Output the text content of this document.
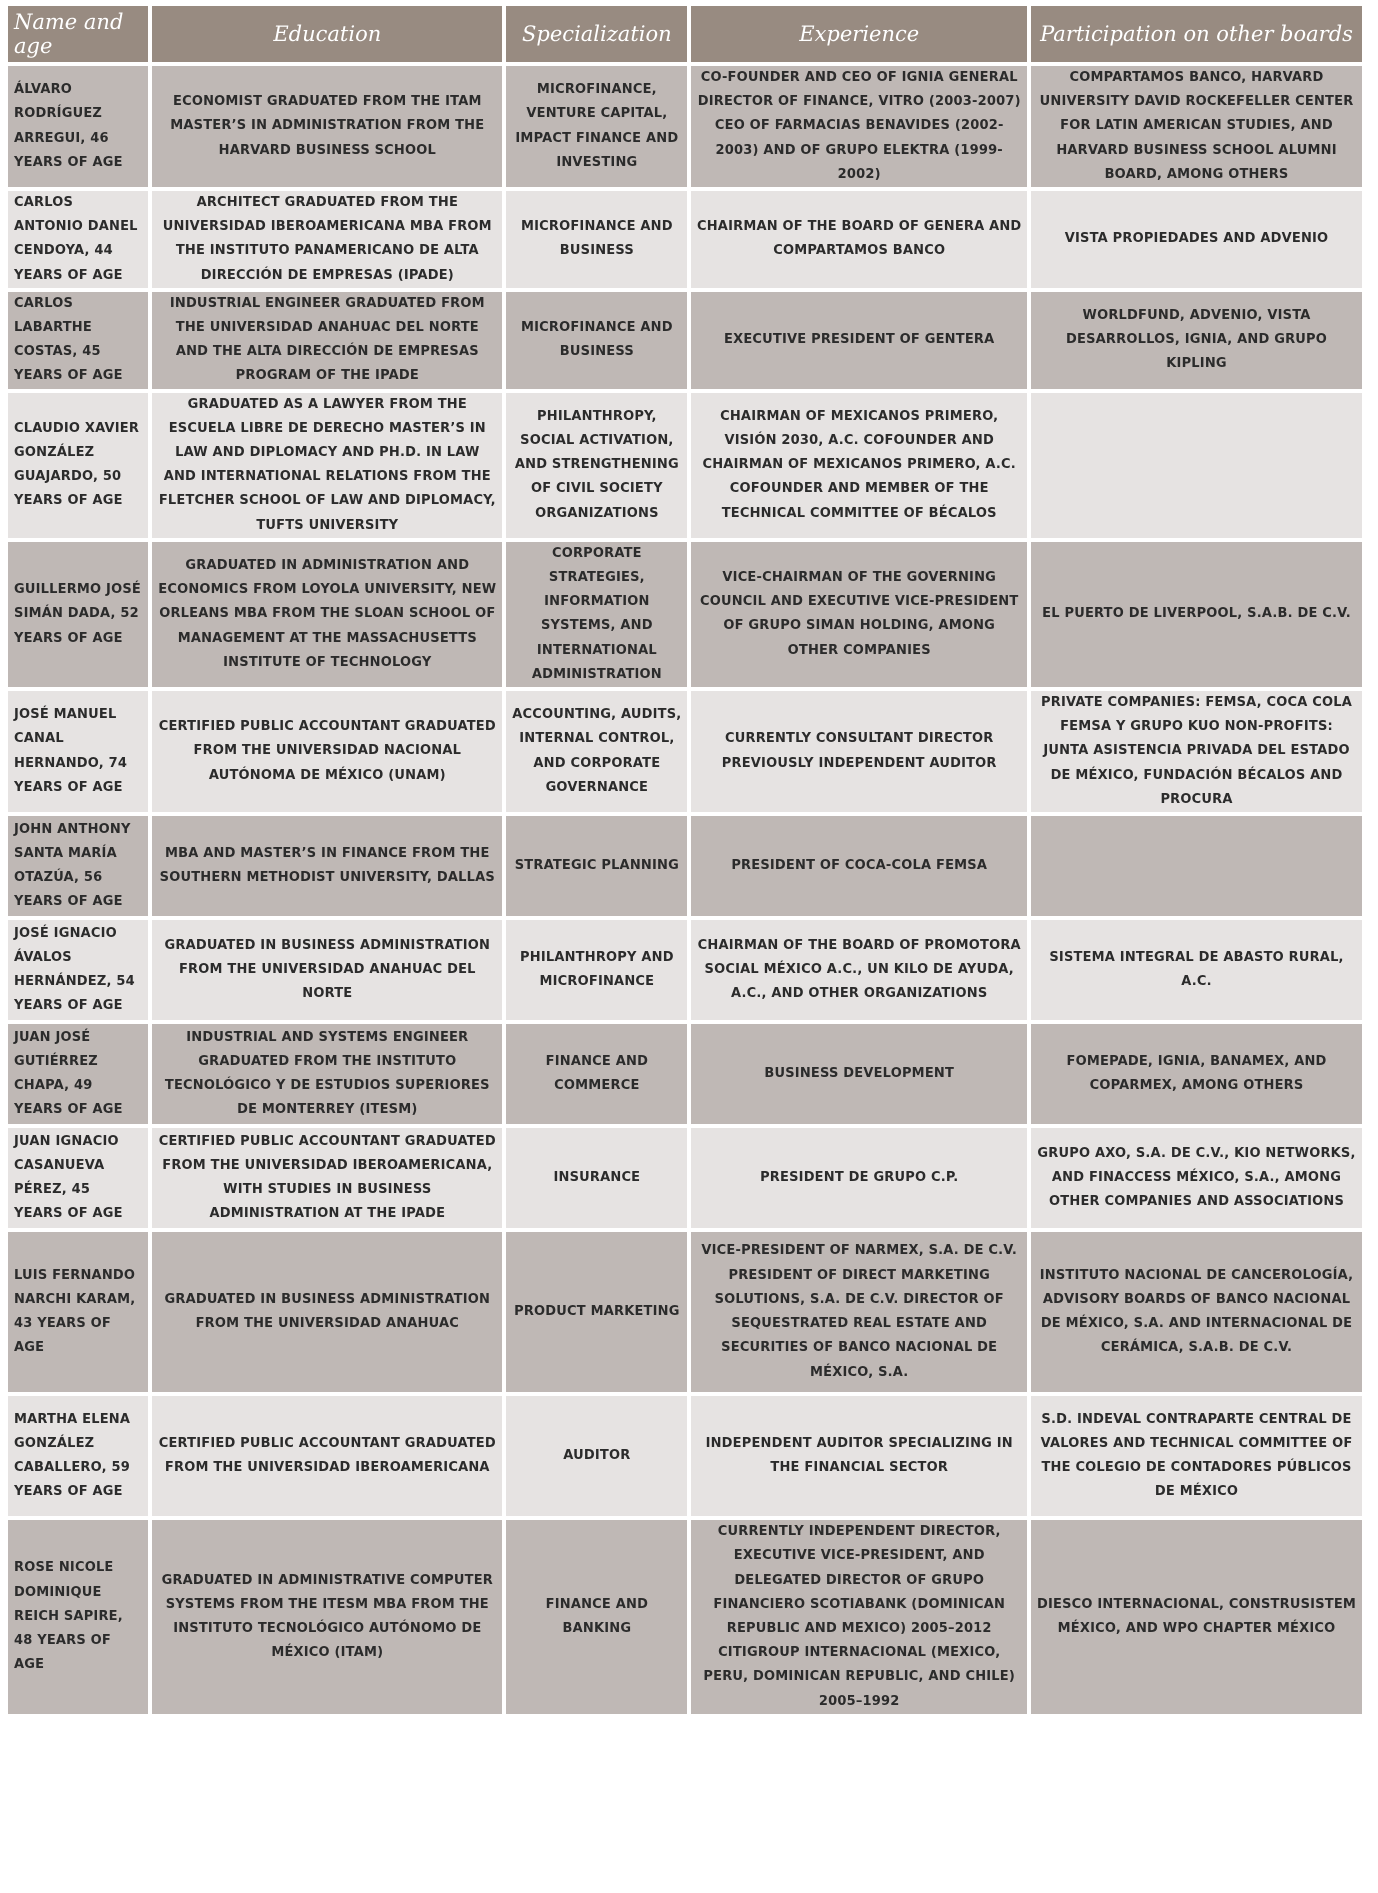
Name and age	Education	Specialization	Experience	Participation on other boards
ÁLVARO RODRÍGUEZ ARREGUI, 46 YEARS OF AGE	ECONOMIST GRADUATED FROM THE ITAM MASTER’S IN ADMINISTRATION FROM THE HARVARD BUSINESS SCHOOL	MICROFINANCE, VENTURE CAPITAL, IMPACT FINANCE AND INVESTING	CO-FOUNDER AND CEO OF IGNIA GENERAL DIRECTOR OF FINANCE, VITRO (2003-2007) CEO OF FARMACIAS BENAVIDES (2002-2003) AND OF GRUPO ELEKTRA (1999-2002)	COMPARTAMOS BANCO, HARVARD UNIVERSITY DAVID ROCKEFELLER CENTER FOR LATIN AMERICAN STUDIES, AND HARVARD BUSINESS SCHOOL ALUMNI BOARD, AMONG OTHERS
CARLOS ANTONIO DANEL CENDOYA, 44 YEARS OF AGE	ARCHITECT GRADUATED FROM THE UNIVERSIDAD IBEROAMERICANA MBA FROM THE INSTITUTO PANAMERICANO DE ALTA DIRECCIÓN DE EMPRESAS (IPADE)	MICROFINANCE AND BUSINESS	CHAIRMAN OF THE BOARD OF GENERA AND COMPARTAMOS BANCO	VISTA PROPIEDADES AND ADVENIO
CARLOS LABARTHE COSTAS, 45 YEARS OF AGE	INDUSTRIAL ENGINEER GRADUATED FROM THE UNIVERSIDAD ANAHUAC DEL NORTE AND THE ALTA DIRECCIÓN DE EMPRESAS PROGRAM OF THE IPADE	MICROFINANCE AND BUSINESS	EXECUTIVE PRESIDENT OF GENTERA	WORLDFUND, ADVENIO, VISTA DESARROLLOS, IGNIA, AND GRUPO KIPLING
CLAUDIO XAVIER GONZÁLEZ GUAJARDO, 50 YEARS OF AGE	GRADUATED AS A LAWYER FROM THE ESCUELA LIBRE DE DERECHO MASTER’S IN LAW AND DIPLOMACY AND PH.D. IN LAW AND INTERNATIONAL RELATIONS FROM THE FLETCHER SCHOOL OF LAW AND DIPLOMACY, TUFTS UNIVERSITY	PHILANTHROPY, SOCIAL ACTIVATION, AND STRENGTHENING OF CIVIL SOCIETY ORGANIZATIONS	CHAIRMAN OF MEXICANOS PRIMERO, VISIÓN 2030, A.C. COFOUNDER AND CHAIRMAN OF MEXICANOS PRIMERO, A.C. COFOUNDER AND MEMBER OF THE TECHNICAL COMMITTEE OF BÉCALOS	
GUILLERMO JOSÉ SIMÁN DADA, 52 YEARS OF AGE	GRADUATED IN ADMINISTRATION AND ECONOMICS FROM LOYOLA UNIVERSITY, NEW ORLEANS MBA FROM THE SLOAN SCHOOL OF MANAGEMENT AT THE MASSACHUSETTS INSTITUTE OF TECHNOLOGY	CORPORATE STRATEGIES, INFORMATION SYSTEMS, AND INTERNATIONAL ADMINISTRATION	VICE-CHAIRMAN OF THE GOVERNING COUNCIL AND EXECUTIVE VICE-PRESIDENT OF GRUPO SIMAN HOLDING, AMONG OTHER COMPANIES	EL PUERTO DE LIVERPOOL, S.A.B. DE C.V.
JOSÉ MANUEL CANAL HERNANDO, 74 YEARS OF AGE	CERTIFIED PUBLIC ACCOUNTANT GRADUATED FROM THE UNIVERSIDAD NACIONAL AUTÓNOMA DE MÉXICO (UNAM)	ACCOUNTING, AUDITS, INTERNAL CONTROL, AND CORPORATE GOVERNANCE	CURRENTLY CONSULTANT DIRECTOR PREVIOUSLY INDEPENDENT AUDITOR	PRIVATE COMPANIES: FEMSA, COCA COLA FEMSA Y GRUPO KUO NON-PROFITS: JUNTA ASISTENCIA PRIVADA DEL ESTADO DE MÉXICO, FUNDACIÓN BÉCALOS AND PROCURA
JOHN ANTHONY SANTA MARÍA OTAZÚA, 56 YEARS OF AGE	MBA AND MASTER’S IN FINANCE FROM THE SOUTHERN METHODIST UNIVERSITY, DALLAS	STRATEGIC PLANNING	PRESIDENT OF COCA-COLA FEMSA	
JOSÉ IGNACIO ÁVALOS HERNÁNDEZ, 54 YEARS OF AGE	GRADUATED IN BUSINESS ADMINISTRATION FROM THE UNIVERSIDAD ANAHUAC DEL NORTE	PHILANTHROPY AND MICROFINANCE	CHAIRMAN OF THE BOARD OF PROMOTORA SOCIAL MÉXICO A.C., UN KILO DE AYUDA, A.C., AND OTHER ORGANIZATIONS	SISTEMA INTEGRAL DE ABASTO RURAL, A.C.
JUAN JOSÉ GUTIÉRREZ CHAPA, 49 YEARS OF AGE	INDUSTRIAL AND SYSTEMS ENGINEER GRADUATED FROM THE INSTITUTO TECNOLÓGICO Y DE ESTUDIOS SUPERIORES DE MONTERREY (ITESM)	FINANCE AND COMMERCE	BUSINESS DEVELOPMENT	FOMEPADE, IGNIA, BANAMEX, AND COPARMEX, AMONG OTHERS
JUAN IGNACIO CASANUEVA PÉREZ, 45 YEARS OF AGE	CERTIFIED PUBLIC ACCOUNTANT GRADUATED FROM THE UNIVERSIDAD IBEROAMERICANA, WITH STUDIES IN BUSINESS ADMINISTRATION AT THE IPADE	INSURANCE	PRESIDENT DE GRUPO C.P.	GRUPO AXO, S.A. DE C.V., KIO NETWORKS, AND FINACCESS MÉXICO, S.A., AMONG OTHER COMPANIES AND ASSOCIATIONS
LUIS FERNANDO NARCHI KARAM, 43 YEARS OF AGE	GRADUATED IN BUSINESS ADMINISTRATION FROM THE UNIVERSIDAD ANAHUAC	PRODUCT MARKETING	VICE-PRESIDENT OF NARMEX, S.A. DE C.V. PRESIDENT OF DIRECT MARKETING SOLUTIONS, S.A. DE C.V. DIRECTOR OF SEQUESTRATED REAL ESTATE AND SECURITIES OF BANCO NACIONAL DE MÉXICO, S.A.	INSTITUTO NACIONAL DE CANCEROLOGÍA, ADVISORY BOARDS OF BANCO NACIONAL DE MÉXICO, S.A. AND INTERNACIONAL DE CERÁMICA, S.A.B. DE C.V.
MARTHA ELENA GONZÁLEZ CABALLERO, 59 YEARS OF AGE	CERTIFIED PUBLIC ACCOUNTANT GRADUATED FROM THE UNIVERSIDAD IBEROAMERICANA	AUDITOR	INDEPENDENT AUDITOR SPECIALIZING IN THE FINANCIAL SECTOR	S.D. INDEVAL CONTRAPARTE CENTRAL DE VALORES AND TECHNICAL COMMITTEE OF THE COLEGIO DE CONTADORES PÚBLICOS DE MÉXICO
ROSE NICOLE DOMINIQUE REICH SAPIRE, 48 YEARS OF AGE	GRADUATED IN ADMINISTRATIVE COMPUTER SYSTEMS FROM THE ITESM MBA FROM THE INSTITUTO TECNOLÓGICO AUTÓNOMO DE MÉXICO (ITAM)	FINANCE AND BANKING	CURRENTLY INDEPENDENT DIRECTOR, EXECUTIVE VICE-PRESIDENT, AND DELEGATED DIRECTOR OF GRUPO FINANCIERO SCOTIABANK (DOMINICAN REPUBLIC AND MEXICO) 2005–2012 CITIGROUP INTERNACIONAL (MEXICO, PERU, DOMINICAN REPUBLIC, AND CHILE) 2005–1992	DIESCO INTERNACIONAL, CONSTRUSISTEM MÉXICO, AND WPO CHAPTER MÉXICO
